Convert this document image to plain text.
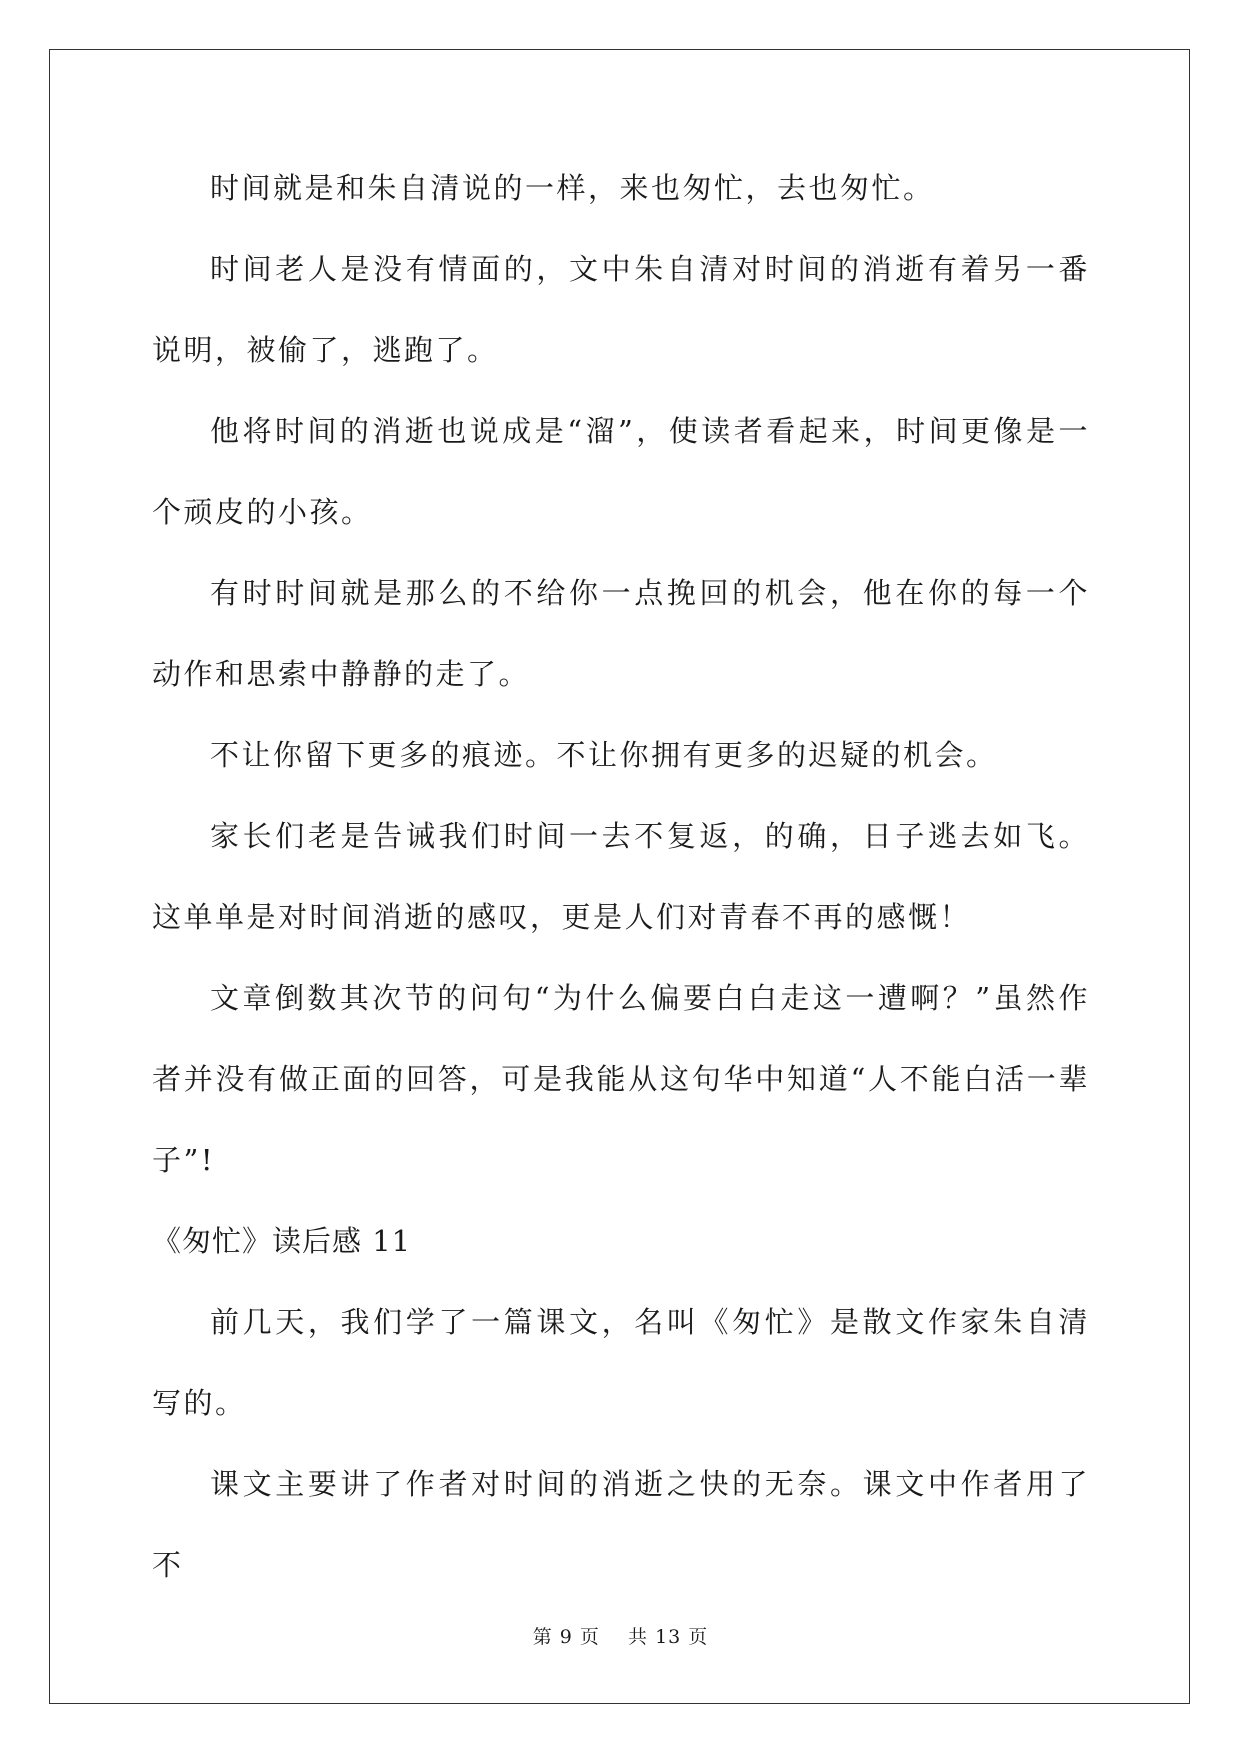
时间就是和朱自清说的一样，来也匆忙，去也匆忙。

时间老人是没有情面的，文中朱自清对时间的消逝有着另一番说明，被偷了，逃跑了。

他将时间的消逝也说成是“溜”，使读者看起来，时间更像是一个顽皮的小孩。

有时时间就是那么的不给你一点挽回的机会，他在你的每一个动作和思索中静静的走了。

不让你留下更多的痕迹。不让你拥有更多的迟疑的机会。

家长们老是告诫我们时间一去不复返，的确，日子逃去如飞。这单单是对时间消逝的感叹，更是人们对青春不再的感慨！

文章倒数其次节的问句“为什么偏要白白走这一遭啊？”虽然作者并没有做正面的回答，可是我能从这句华中知道“人不能白活一辈子”!

《匆忙》读后感 11

前几天，我们学了一篇课文，名叫《匆忙》是散文作家朱自清写的。

课文主要讲了作者对时间的消逝之快的无奈。课文中作者用了不

第 9 页    共 13 页
